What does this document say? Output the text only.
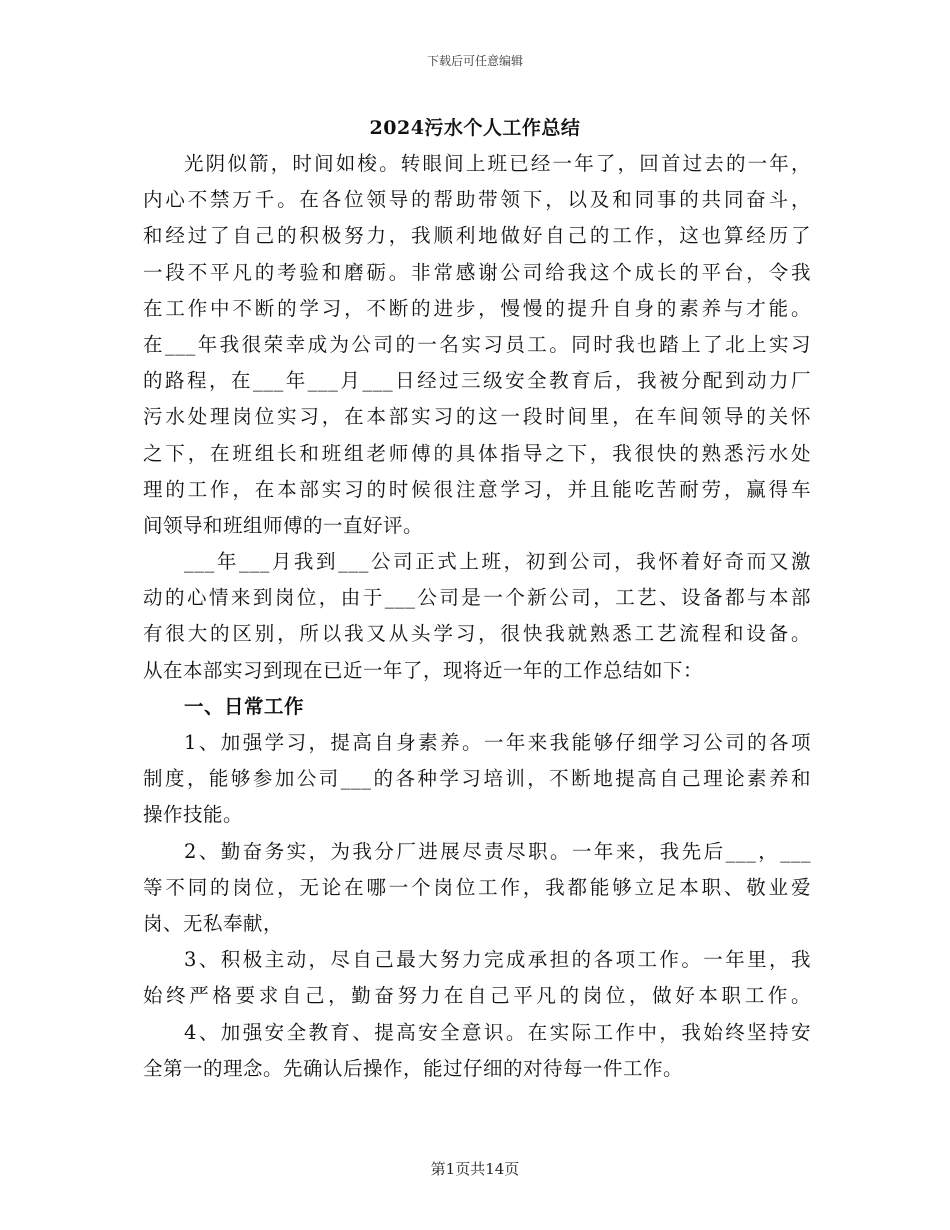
下载后可任意编辑
2024污水个人工作总结
光阴似箭，时间如梭。转眼间上班已经一年了，回首过去的一年，
内心不禁万千。在各位领导的帮助带领下，以及和同事的共同奋斗，
和经过了自己的积极努力，我顺利地做好自己的工作，这也算经历了
一段不平凡的考验和磨砺。非常感谢公司给我这个成长的平台，令我
在工作中不断的学习，不断的进步，慢慢的提升自身的素养与才能。
在___年我很荣幸成为公司的一名实习员工。同时我也踏上了北上实习
的路程，在___年___月___日经过三级安全教育后，我被分配到动力厂
污水处理岗位实习，在本部实习的这一段时间里，在车间领导的关怀
之下，在班组长和班组老师傅的具体指导之下，我很快的熟悉污水处
理的工作，在本部实习的时候很注意学习，并且能吃苦耐劳，赢得车
间领导和班组师傅的一直好评。
___年___月我到___公司正式上班，初到公司，我怀着好奇而又激
动的心情来到岗位，由于___公司是一个新公司，工艺、设备都与本部
有很大的区别，所以我又从头学习，很快我就熟悉工艺流程和设备。
从在本部实习到现在已近一年了，现将近一年的工作总结如下：
一、日常工作
1、加强学习，提高自身素养。一年来我能够仔细学习公司的各项
制度，能够参加公司___的各种学习培训，不断地提高自己理论素养和
操作技能。
2、勤奋务实，为我分厂进展尽责尽职。一年来，我先后___，___
等不同的岗位，无论在哪一个岗位工作，我都能够立足本职、敬业爱
岗、无私奉献，
3、积极主动，尽自己最大努力完成承担的各项工作。一年里，我
始终严格要求自己，勤奋努力在自己平凡的岗位，做好本职工作。
4、加强安全教育、提高安全意识。在实际工作中，我始终坚持安
全第一的理念。先确认后操作，能过仔细的对待每一件工作。
第1页共14页
